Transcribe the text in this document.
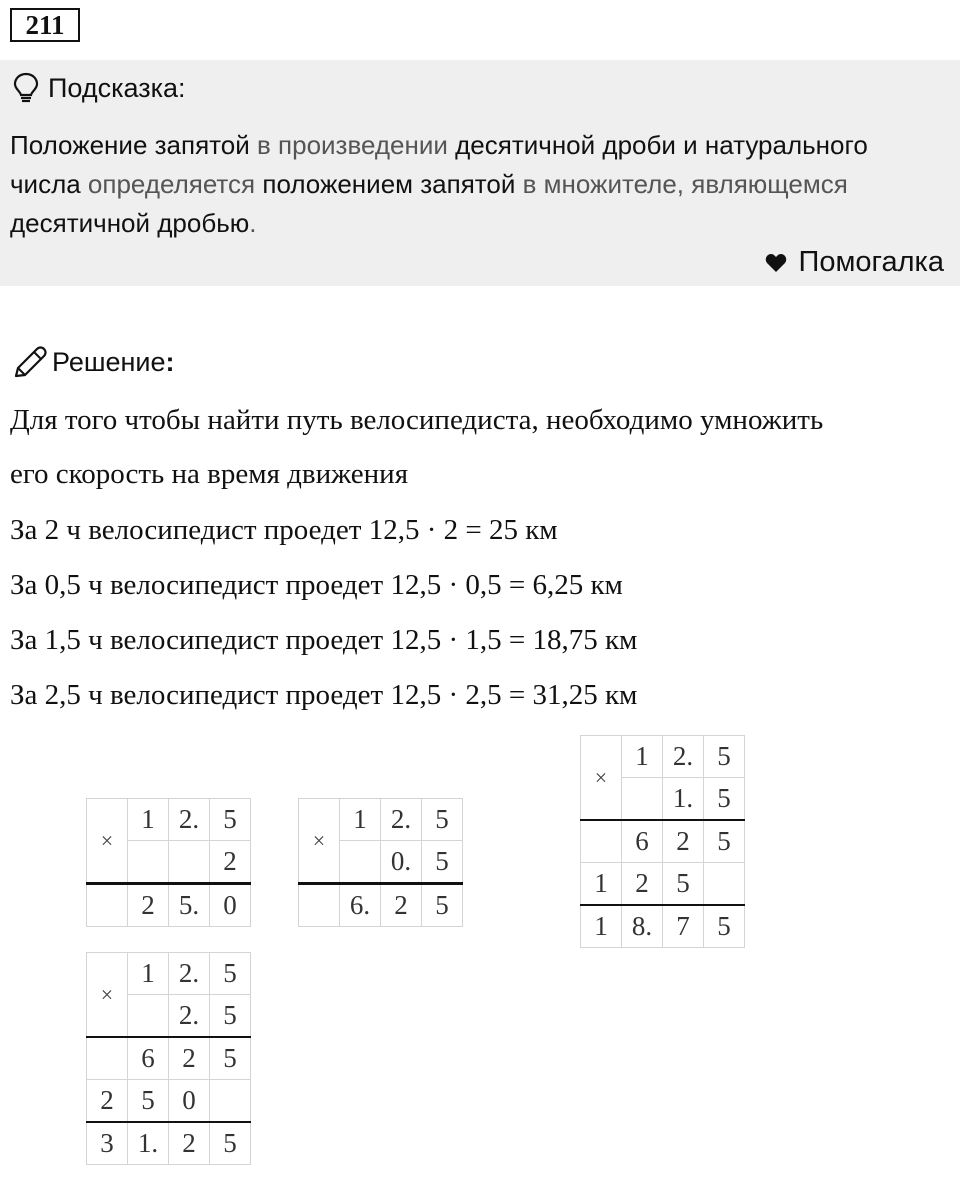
211
Подсказка:
Положение запятой в произведении десятичной дроби и натурального числа определяется положением запятой в множителе, являющемся десятичной дробью.
Помогалка
Решение :
Для того чтобы найти путь велосипедиста, необходимо умножить
его скорость на время движения
За 2 ч велосипедист проедет 12,5 · 2 = 25 км
За 0,5 ч велосипедист проедет 12,5 · 0,5 = 6,25 км
За 1,5 ч велосипедист проедет 12,5 · 1,5 = 18,75 км
За 2,5 ч велосипедист проедет 12,5 · 2,5 = 31,25 км
×	1	2.	5
			2
	2	5.	0
×	1	2.	5
		0.	5
	6.	2	5
×	1	2.	5
		1.	5
	6	2	5
1	2	5	
1	8.	7	5
×	1	2.	5
		2.	5
	6	2	5
2	5	0	
3	1.	2	5
